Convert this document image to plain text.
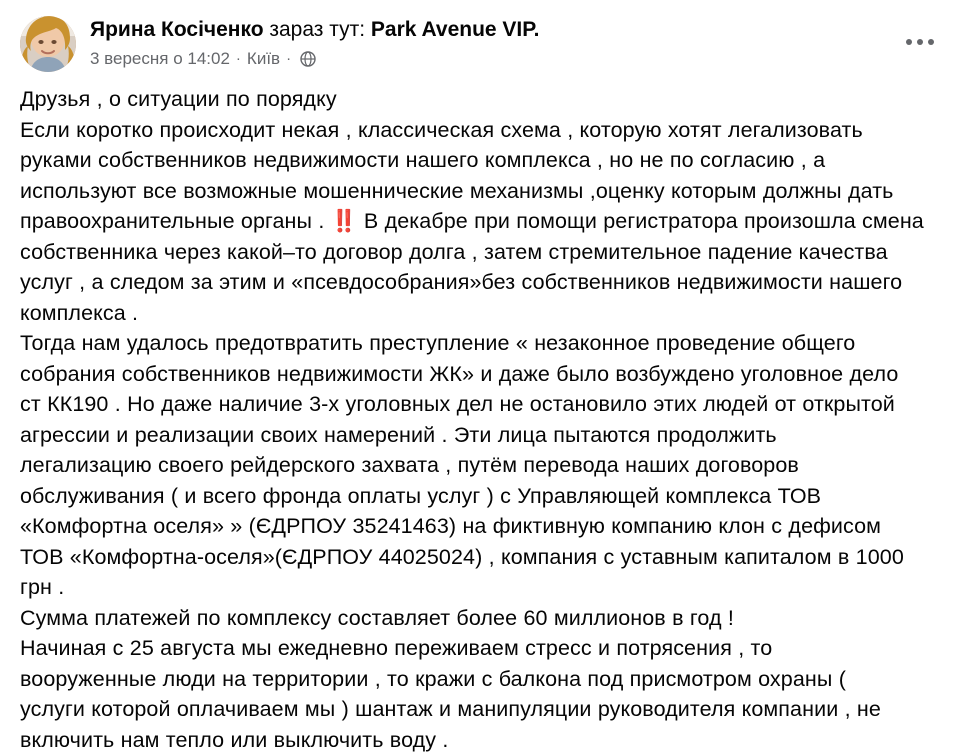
Ярина Косіченко зараз тут: Park Avenue VIP.
3 вересня о 14:02 · Київ ·

Друзья , о ситуации по порядку
Если коротко происходит некая , классическая схема , которую хотят легализовать
руками собственников недвижимости нашего комплекса , но не по согласию , а
используют все возможные мошеннические механизмы ,оценку которым должны дать
правоохранительные органы . ‼️ В декабре при помощи регистратора произошла смена
собственника через какой–то договор долга , затем стремительное падение качества
услуг , а следом за этим и «псевдособрания»без собственников недвижимости нашего
комплекса .
Тогда нам удалось предотвратить преступление « незаконное проведение общего
собрания собственников недвижимости ЖК» и даже было возбуждено уголовное дело
ст КК190 . Но даже наличие 3-х уголовных дел не остановило этих людей от открытой
агрессии и реализации своих намерений . Эти лица пытаются продолжить
легализацию своего рейдерского захвата , путём перевода наших договоров
обслуживания ( и всего фронда оплаты услуг ) с Управляющей комплекса ТОВ
«Комфортна оселя» » (ЄДРПОУ 35241463) на фиктивную компанию клон с дефисом
ТОВ «Комфортна-оселя»(ЄДРПОУ 44025024) , компания с уставным капиталом в 1000
грн .
Сумма платежей по комплексу составляет более 60 миллионов в год !
Начиная с 25 августа мы ежедневно переживаем стресс и потрясения , то
вооруженные люди на территории , то кражи с балкона под присмотром охраны (
услуги которой оплачиваем мы ) шантаж и манипуляции руководителя компании , не
включить нам тепло или выключить воду .
